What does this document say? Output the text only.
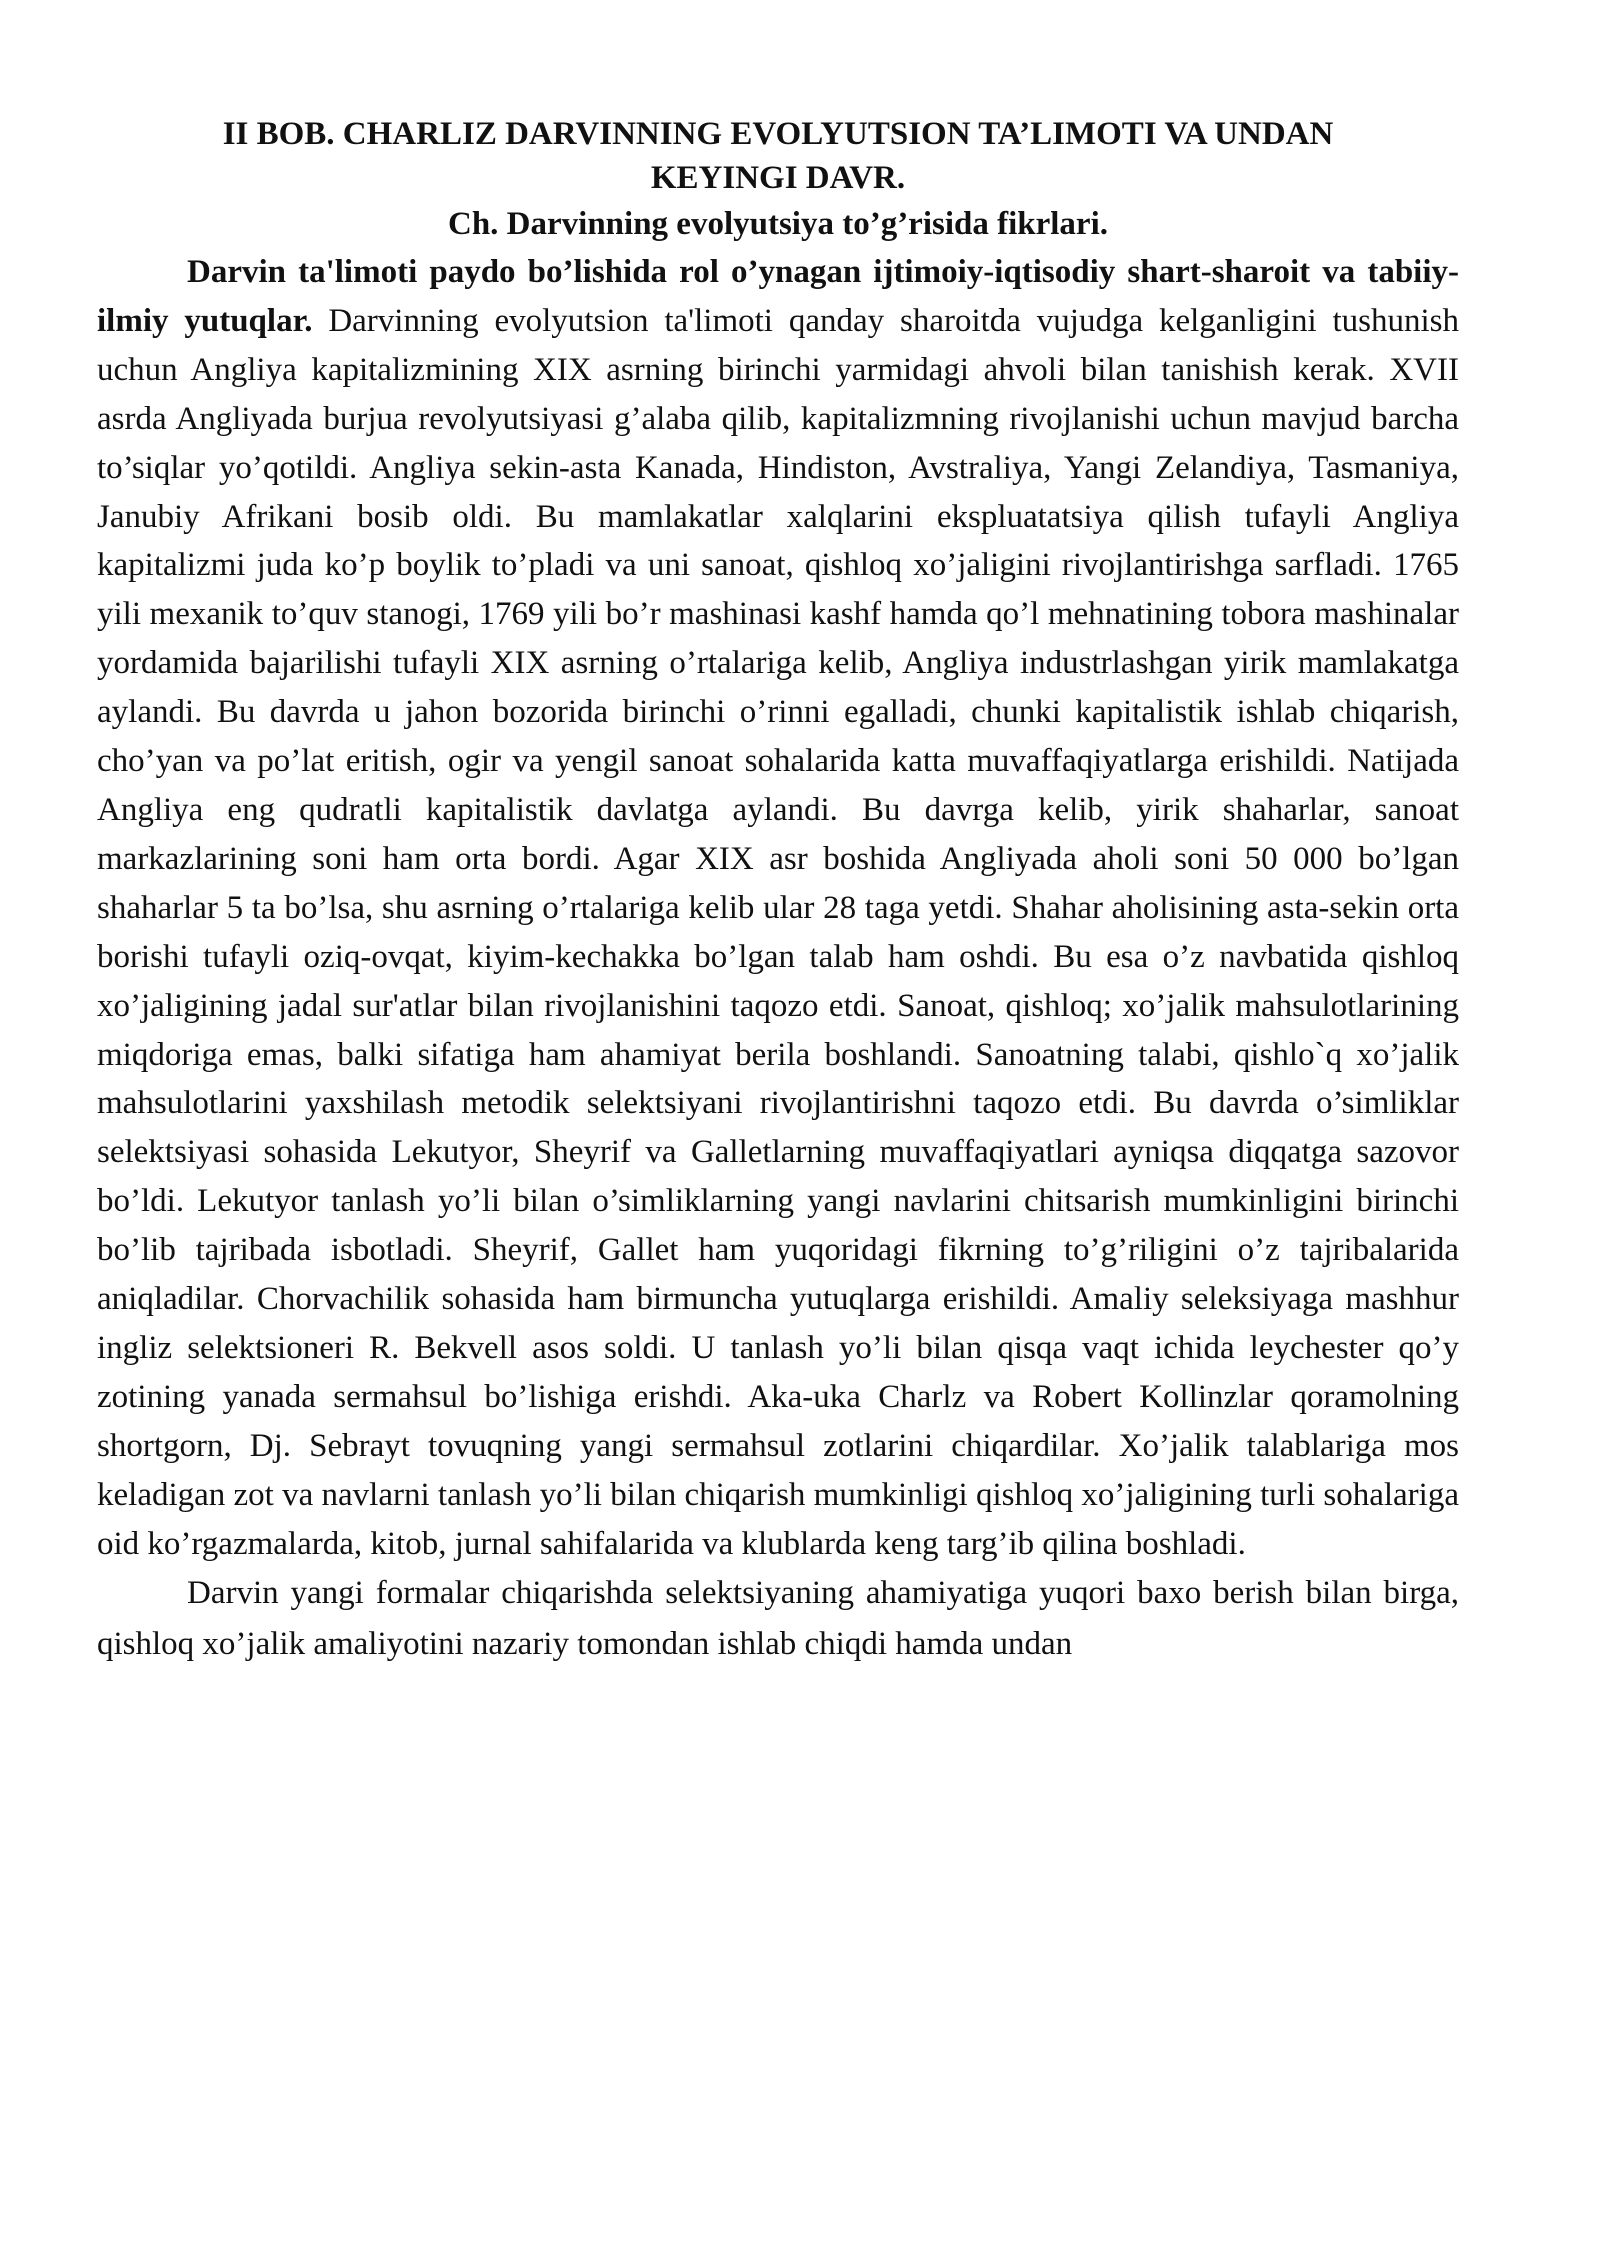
II BOB. CHARLIZ DARVINNING EVOLYUTSION TA’LIMOTI VA UNDAN
KEYINGI DAVR.
Ch. Darvinning evolyutsiya to’g’risida fikrlari.

Darvin ta'limoti paydo bo’lishida rol o’ynagan ijtimoiy-iqtisodiy shart-sharoit va tabiiy-ilmiy yutuqlar. Darvinning evolyutsion ta'limoti qanday sharoitda vujudga kelganligini tushunish uchun Angliya kapitalizmining XIX asrning birinchi yarmidagi ahvoli bilan tanishish kerak. XVII asrda Angliyada burjua revolyutsiyasi g’alaba qilib, kapitalizmning rivojlanishi uchun mavjud barcha to’siqlar yo’qotildi. Angliya sekin-asta Kanada, Hindiston, Avstraliya, Yangi Zelandiya, Tasmaniya, Janubiy Afrikani bosib oldi. Bu mamlakatlar xalqlarini ekspluatatsiya qilish tufayli Angliya kapitalizmi juda ko’p boylik to’pladi va uni sanoat, qishloq xo’jaligini rivojlantirishga sarfladi. 1765 yili mexanik to’quv stanogi, 1769 yili bo’r mashinasi kashf hamda qo’l mehnatining tobora mashinalar yordamida bajarilishi tufayli XIX asrning o’rtalariga kelib, Angliya industrlashgan yirik mamlakatga aylandi. Bu davrda u jahon bozorida birinchi o’rinni egalladi, chunki kapitalistik ishlab chiqarish, cho’yan va po’lat eritish, ogir va yengil sanoat sohalarida katta muvaffaqiyatlarga erishildi. Natijada Angliya eng qudratli kapitalistik davlatga aylandi. Bu davrga kelib, yirik shaharlar, sanoat markazlarining soni ham orta bordi. Agar XIX asr boshida Angliyada aholi soni 50 000 bo’lgan shaharlar 5 ta bo’lsa, shu asrning o’rtalariga kelib ular 28 taga yetdi. Shahar aholisining asta-sekin orta borishi tufayli oziq-ovqat, kiyim-kechakka bo’lgan talab ham oshdi. Bu esa o’z navbatida qishloq xo’jaligining jadal sur'atlar bilan rivojlanishini taqozo etdi. Sanoat, qishloq; xo’jalik mahsulotlarining miqdoriga emas, balki sifatiga ham ahamiyat berila boshlandi. Sanoatning talabi, qishlo`q xo’jalik mahsulotlarini yaxshilash metodik selektsiyani rivojlantirishni taqozo etdi. Bu davrda o’simliklar selektsiyasi sohasida Lekutyor, Sheyrif va Galletlarning muvaffaqiyatlari ayniqsa diqqatga sazovor bo’ldi. Lekutyor tanlash yo’li bilan o’simliklarning yangi navlarini chitsarish mumkinligini birinchi bo’lib tajribada isbotladi. Sheyrif, Gallet ham yuqoridagi fikrning to’g’riligini o’z tajribalarida aniqladilar. Chorvachilik sohasida ham birmuncha yutuqlarga erishildi. Amaliy seleksiyaga mashhur ingliz selektsioneri R. Bekvell asos soldi. U tanlash yo’li bilan qisqa vaqt ichida leychester qo’y zotining yanada sermahsul bo’lishiga erishdi. Aka-uka Charlz va Robert Kollinzlar qoramolning shortgorn, Dj. Sebrayt tovuqning yangi sermahsul zotlarini chiqardilar. Xo’jalik talablariga mos keladigan zot va navlarni tanlash yo’li bilan chiqarish mumkinligi qishloq xo’jaligining turli sohalariga oid ko’rgazmalarda, kitob, jurnal sahifalarida va klublarda keng targ’ib qilina boshladi.

Darvin yangi formalar chiqarishda selektsiyaning ahamiyatiga yuqori baxo berish bilan birga, qishloq xo’jalik amaliyotini nazariy tomondan ishlab chiqdi hamda undan
